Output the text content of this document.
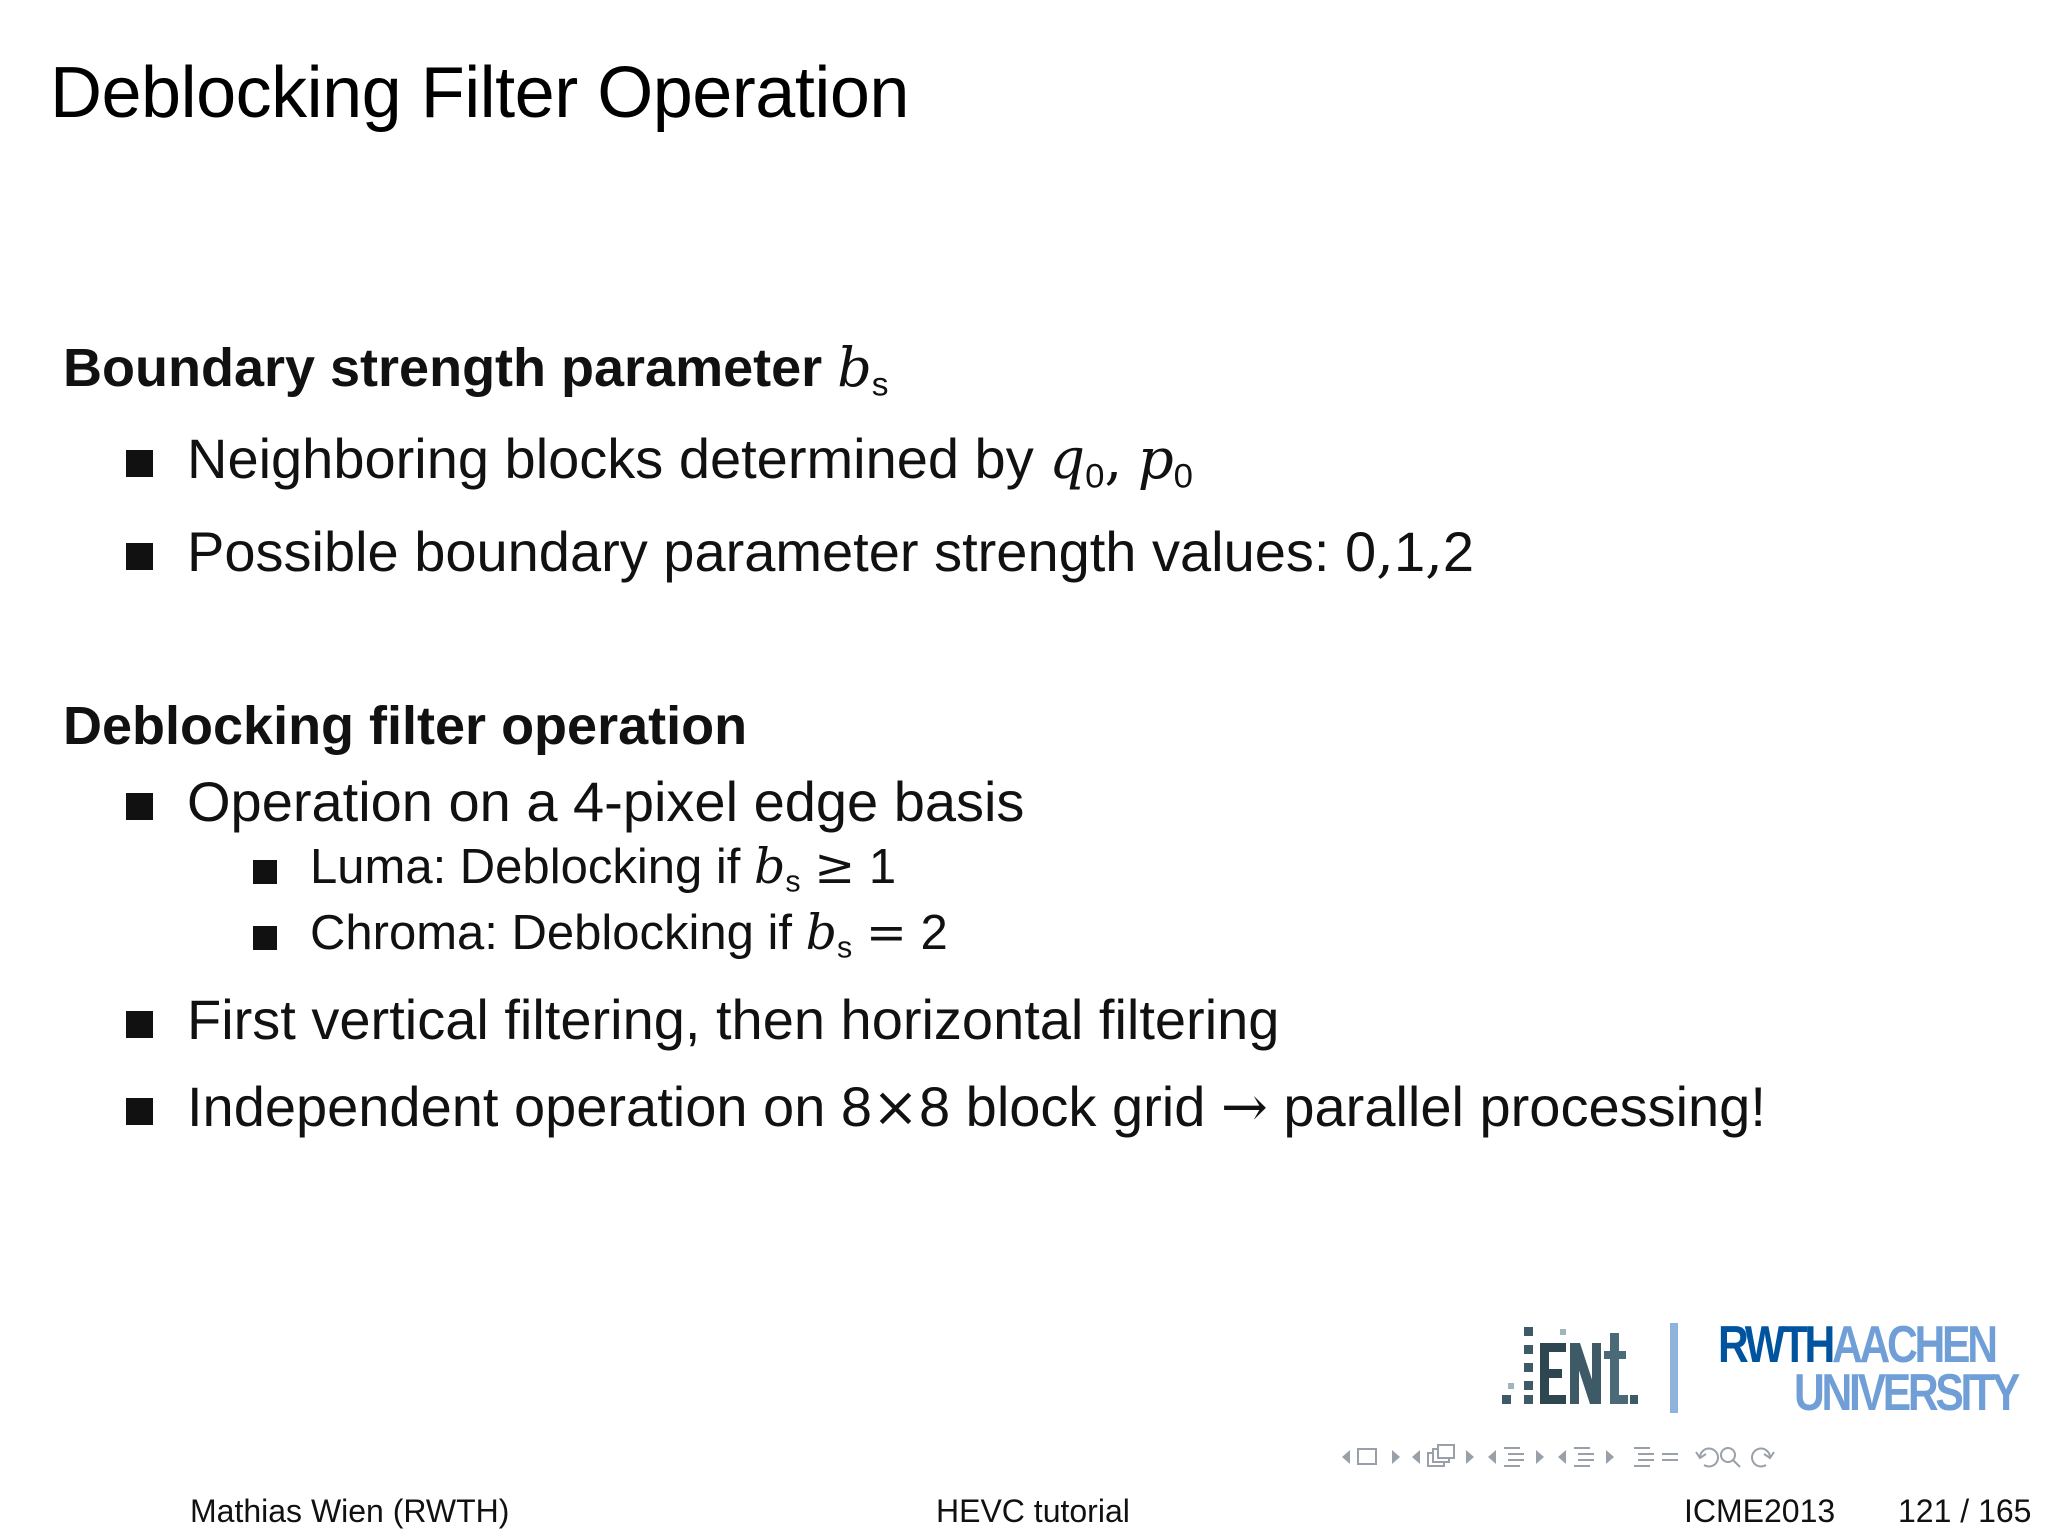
Deblocking Filter Operation
Boundary strength parameter $b_s$
Neighboring blocks determined by $q_0$, $p_0$
Possible boundary parameter strength values: 0,1,2
Deblocking filter operation
Operation on a 4-pixel edge basis
Luma: Deblocking if $b_s \ge 1$
Chroma: Deblocking if $b_s = 2$
First vertical filtering, then horizontal filtering
Independent operation on 8×8 block grid → parallel processing!
RWTHAACHEN
UNIVERSITY
Mathias Wien (RWTH)	HEVC tutorial	ICME2013 121 / 165
